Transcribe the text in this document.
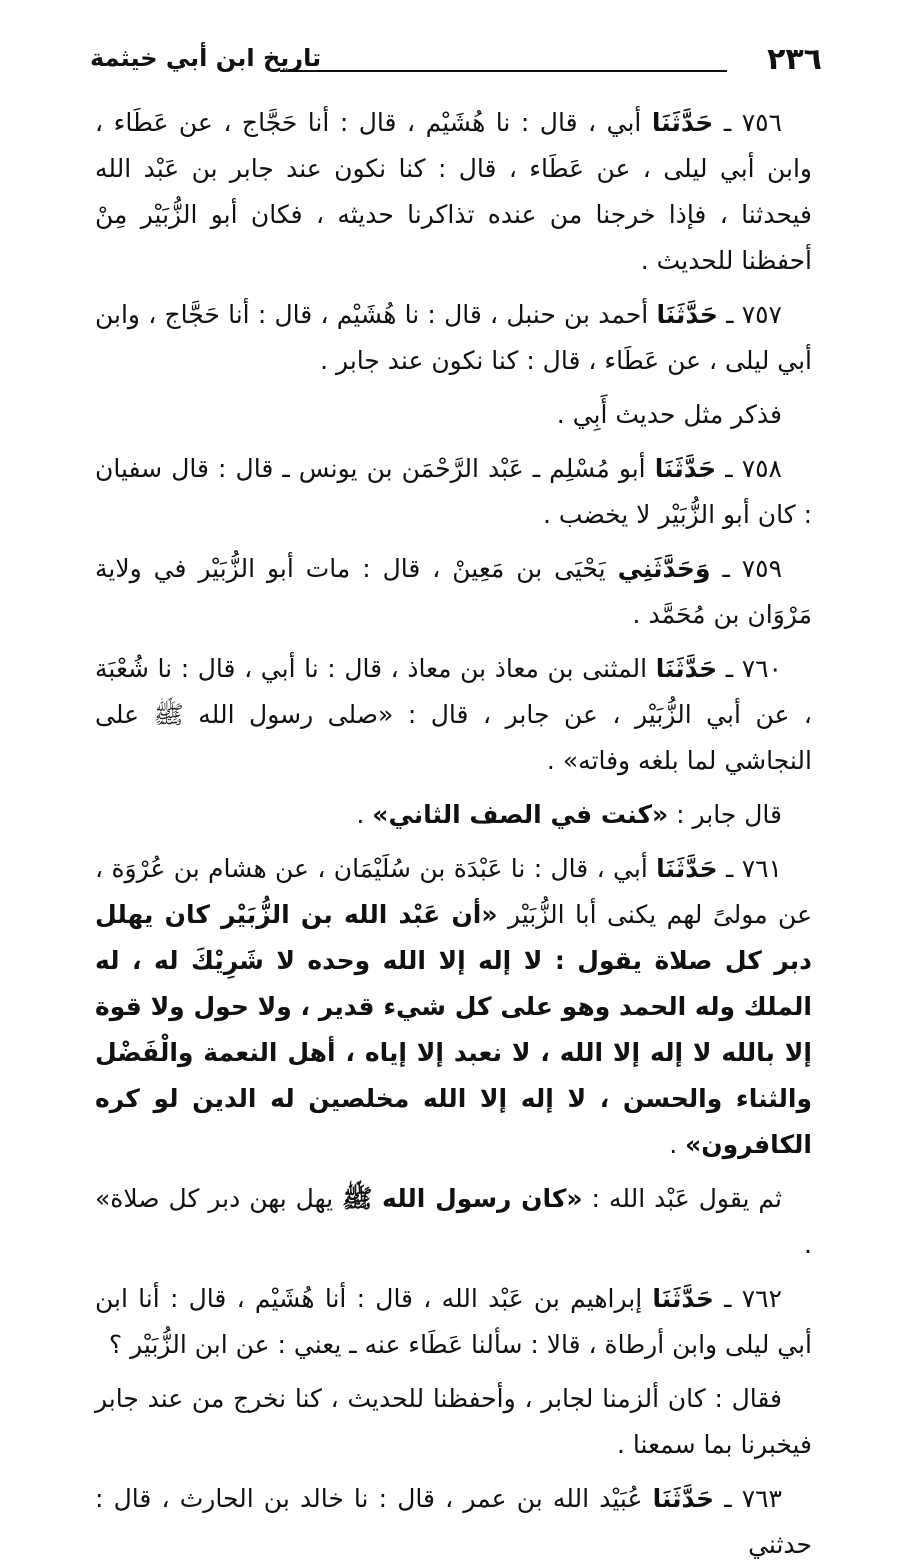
٢٣٦
تاريخ ابن أبي خيثمة

٧٥٦ ـ حَدَّثَنَا أبي ، قال : نا هُشَيْم ، قال : أنا حَجَّاج ، عن عَطَاء ، وابن أبي ليلى ، عن عَطَاء ، قال : كنا نكون عند جابر بن عَبْد الله فيحدثنا ، فإذا خرجنا من عنده تذاكرنا حديثه ، فكان أبو الزُّبَيْر مِنْ أحفظنا للحديث .

٧٥٧ ـ حَدَّثَنَا أحمد بن حنبل ، قال : نا هُشَيْم ، قال : أنا حَجَّاج ، وابن أبي ليلى ، عن عَطَاء ، قال : كنا نكون عند جابر .

فذكر مثل حديث أَبِي .

٧٥٨ ـ حَدَّثَنَا أبو مُسْلِم ـ عَبْد الرَّحْمَن بن يونس ـ قال : قال سفيان : كان أبو الزُّبَيْر لا يخضب .

٧٥٩ ـ وَحَدَّثَنِي يَحْيَى بن مَعِينْ ، قال : مات أبو الزُّبَيْر في ولاية مَرْوَان بن مُحَمَّد .

٧٦٠ ـ حَدَّثَنَا المثنى بن معاذ بن معاذ ، قال : نا أبي ، قال : نا شُعْبَة ، عن أبي الزُّبَيْر ، عن جابر ، قال : «صلى رسول الله ﷺ على النجاشي لما بلغه وفاته» .

قال جابر : «كنت في الصف الثاني» .

٧٦١ ـ حَدَّثَنَا أبي ، قال : نا عَبْدَة بن سُلَيْمَان ، عن هشام بن عُرْوَة ، عن مولىً لهم يكنى أبا الزُّبَيْر «أن عَبْد الله بن الزُّبَيْر كان يهلل دبر كل صلاة يقول : لا إله إلا الله وحده لا شَرِيْكَ له ، له الملك وله الحمد وهو على كل شيء قدير ، ولا حول ولا قوة إلا بالله لا إله إلا الله ، لا نعبد إلا إياه ، أهل النعمة والْفَضْل والثناء والحسن ، لا إله إلا الله مخلصين له الدين لو كره الكافرون» .

ثم يقول عَبْد الله : «كان رسول الله ﷺ يهل بهن دبر كل صلاة» .

٧٦٢ ـ حَدَّثَنَا إبراهيم بن عَبْد الله ، قال : أنا هُشَيْم ، قال : أنا ابن أبي ليلى وابن أرطاة ، قالا : سألنا عَطَاء عنه ـ يعني : عن ابن الزُّبَيْر ؟

فقال : كان ألزمنا لجابر ، وأحفظنا للحديث ، كنا نخرج من عند جابر فيخبرنا بما سمعنا .

٧٦٣ ـ حَدَّثَنَا عُبَيْد الله بن عمر ، قال : نا خالد بن الحارث ، قال : حدثني
